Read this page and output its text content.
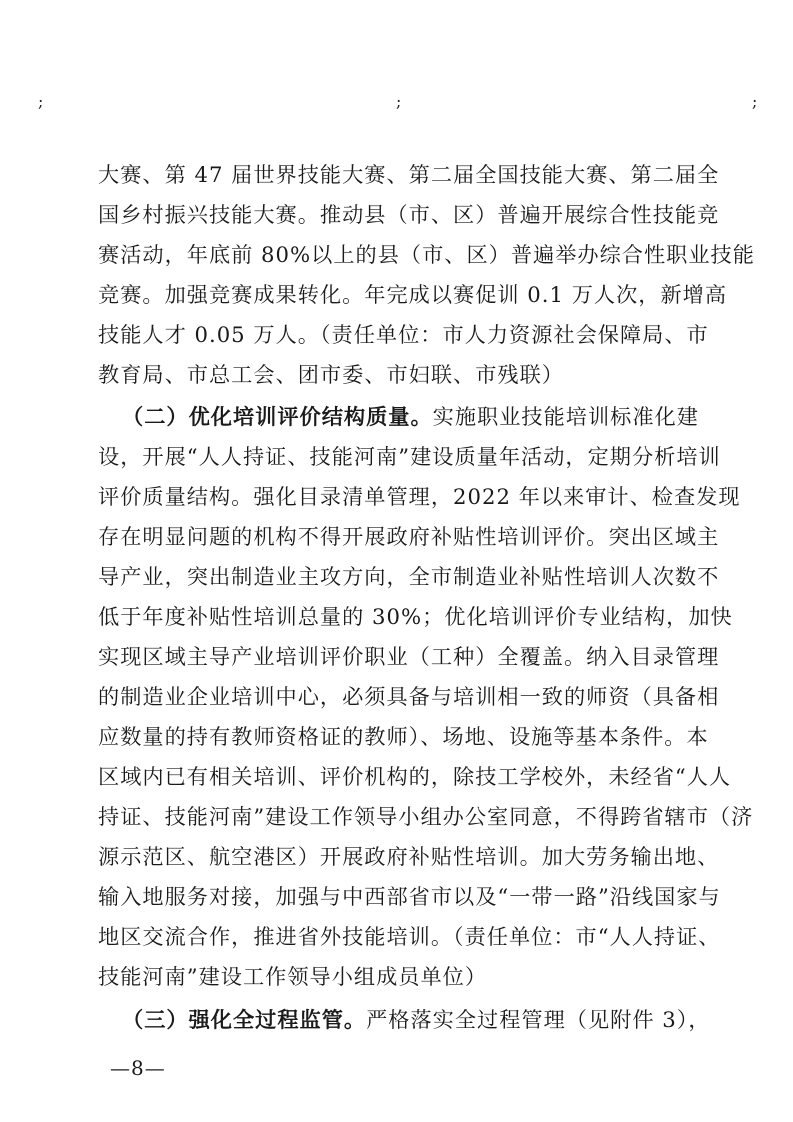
;	;	;
大赛、第 47 届世界技能大赛、第二届全国技能大赛、第二届全
国乡村振兴技能大赛。推动县（市、区）普遍开展综合性技能竞
赛活动，年底前 80%以上的县（市、区）普遍举办综合性职业技能
竞赛。加强竞赛成果转化。年完成以赛促训 0.1 万人次，新增高
技能人才 0.05 万人。（责任单位：市人力资源社会保障局、市
教育局、市总工会、团市委、市妇联、市残联）
（二）优化培训评价结构质量。实施职业技能培训标准化建
设，开展“人人持证、技能河南”建设质量年活动，定期分析培训
评价质量结构。强化目录清单管理，2022 年以来审计、检查发现
存在明显问题的机构不得开展政府补贴性培训评价。突出区域主
导产业，突出制造业主攻方向，全市制造业补贴性培训人次数不
低于年度补贴性培训总量的 30%；优化培训评价专业结构，加快
实现区域主导产业培训评价职业（工种）全覆盖。纳入目录管理
的制造业企业培训中心，必须具备与培训相一致的师资（具备相
应数量的持有教师资格证的教师）、场地、设施等基本条件。本
区域内已有相关培训、评价机构的，除技工学校外，未经省“人人
持证、技能河南”建设工作领导小组办公室同意，不得跨省辖市（济
源示范区、航空港区）开展政府补贴性培训。加大劳务输出地、
输入地服务对接，加强与中西部省市以及“一带一路”沿线国家与
地区交流合作，推进省外技能培训。（责任单位：市“人人持证、
技能河南”建设工作领导小组成员单位）
（三）强化全过程监管。严格落实全过程管理（见附件 3），
—8—
